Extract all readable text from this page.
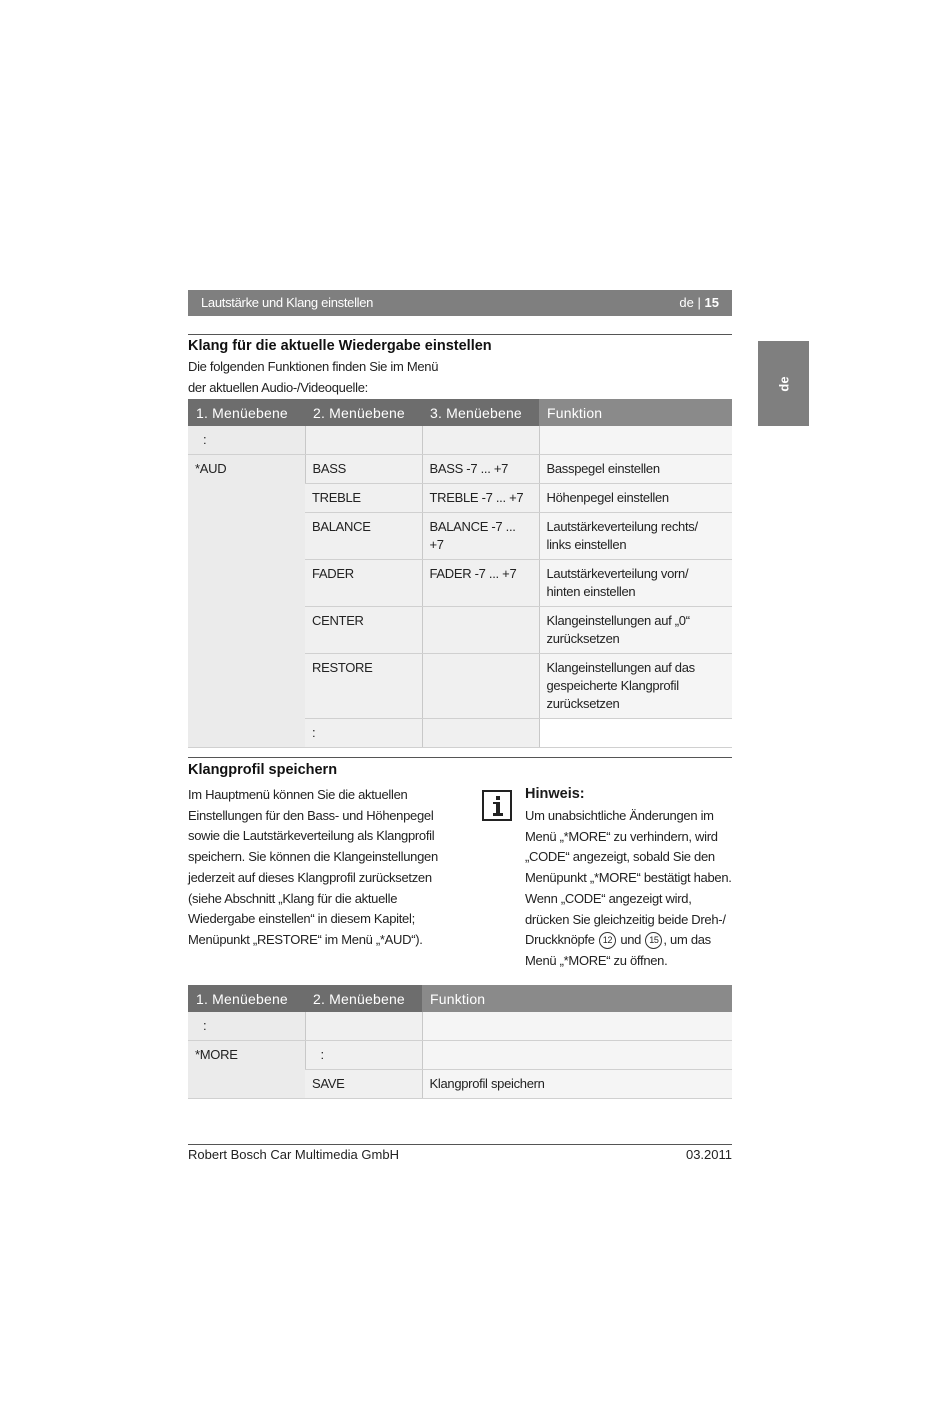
Lautstärke und Klang einstellen	de | 15
de
Klang für die aktuelle Wiedergabe einstellen
Die folgenden Funktionen finden Sie im Menü
der aktuellen Audio-/Videoquelle:
1. Menüebene	2. Menüebene	3. Menüebene	Funktion
:			
*AUD	BASS	BASS -7 ... +7	Basspegel einstellen
	TREBLE	TREBLE -7 ... +7	Höhenpegel einstellen
	BALANCE	BALANCE -7 ... +7	Lautstärkeverteilung rechts/
links einstellen

	FADER	FADER -7 ... +7	Lautstärkeverteilung vorn/
hinten einstellen

	CENTER		Klangeinstellungen auf „0“
zurücksetzen

	RESTORE		Klangeinstellungen auf das
gespeicherte Klangprofil
zurücksetzen

	:		
Klangprofil speichern
Im Hauptmenü können Sie die aktuellen
Einstellungen für den Bass- und Höhenpegel
sowie die Lautstärkeverteilung als Klangprofil
speichern. Sie können die Klangeinstellungen
jederzeit auf dieses Klangprofil zurücksetzen
(siehe Abschnitt „Klang für die aktuelle
Wiedergabe einstellen“ in diesem Kapitel;
Menüpunkt „RESTORE“ im Menü „*AUD“).
Hinweis:
Um unabsichtliche Änderungen im
Menü „*MORE“ zu verhindern, wird
„CODE“ angezeigt, sobald Sie den
Menüpunkt „*MORE“ bestätigt haben.
Wenn „CODE“ angezeigt wird,
drücken Sie gleichzeitig beide Dreh-/
Druckknöpfe 12 und 15 , um das
Menü „*MORE“ zu öffnen.
1. Menüebene	2. Menüebene	Funktion
:		
*MORE	:	
	SAVE	Klangprofil speichern
Robert Bosch Car Multimedia GmbH	03.2011
